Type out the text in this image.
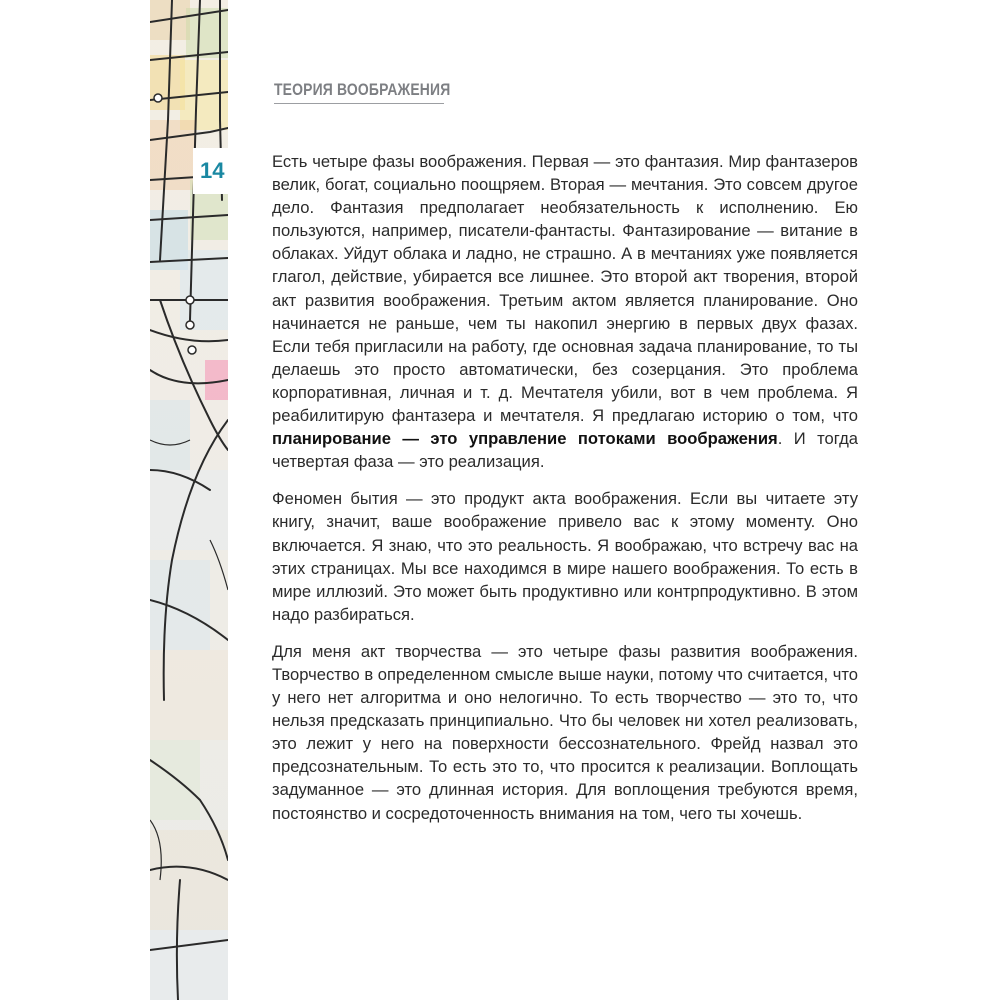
14
ТЕОРИЯ ВООБРАЖЕНИЯ

Есть четыре фазы воображения. Первая — это фантазия. Мир фантазеров велик, богат, социально поощряем. Вторая — мечтания. Это совсем другое дело. Фантазия предполагает необязательность к исполнению. Ею пользуются, например, писатели-фантасты. Фантазирование — витание в облаках. Уйдут облака и ладно, не страшно. А в мечтаниях уже появляется глагол, действие, убирается все лишнее. Это второй акт творения, второй акт развития воображения. Третьим актом является планирование. Оно начинается не раньше, чем ты накопил энергию в первых двух фазах. Если тебя пригласили на работу, где основная задача планирование, то ты делаешь это просто автоматически, без созерцания. Это проблема корпоративная, личная и т. д. Мечтателя убили, вот в чем проблема. Я реабилитирую фантазера и мечтателя. Я предлагаю историю о том, что планирование — это управление потоками воображения. И тогда четвертая фаза — это реализация.

Феномен бытия — это продукт акта воображения. Если вы читаете эту книгу, значит, ваше воображение привело вас к этому моменту. Оно включается. Я знаю, что это реальность. Я воображаю, что встречу вас на этих страницах. Мы все находимся в мире нашего воображения. То есть в мире иллюзий. Это может быть продуктивно или контрпродуктивно. В этом надо разбираться.

Для меня акт творчества — это четыре фазы развития воображения. Творчество в определенном смысле выше науки, потому что считается, что у него нет алгоритма и оно нелогично. То есть творчество — это то, что нельзя предсказать принципиально. Что бы человек ни хотел реализовать, это лежит у него на поверхности бессознательного. Фрейд назвал это предсознательным. То есть это то, что просится к реализации. Воплощать задуманное — это длинная история. Для воплощения требуются время, постоянство и сосредоточенность внимания на том, чего ты хочешь.
